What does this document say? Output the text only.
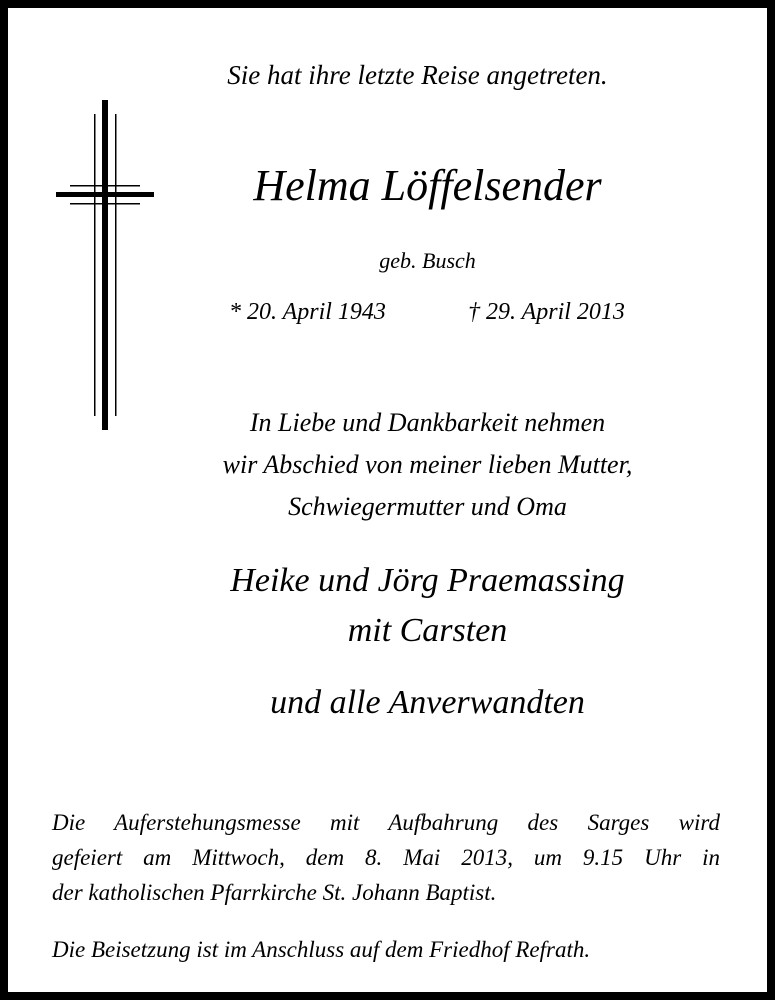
Sie hat ihre letzte Reise angetreten.

Helma Löffelsender

geb. Busch

* 20. April 1943	† 29. April 2013
In Liebe und Dankbarkeit nehmen
wir Abschied von meiner lieben Mutter,
Schwiegermutter und Oma
Heike und Jörg Praemassing
mit Carsten

und alle Anverwandten

Die Auferstehungsmesse mit Aufbahrung des Sarges wird
gefeiert am Mittwoch, dem 8. Mai 2013, um 9.15 Uhr in
der katholischen Pfarrkirche St. Johann Baptist.

Die Beisetzung ist im Anschluss auf dem Friedhof Refrath.
